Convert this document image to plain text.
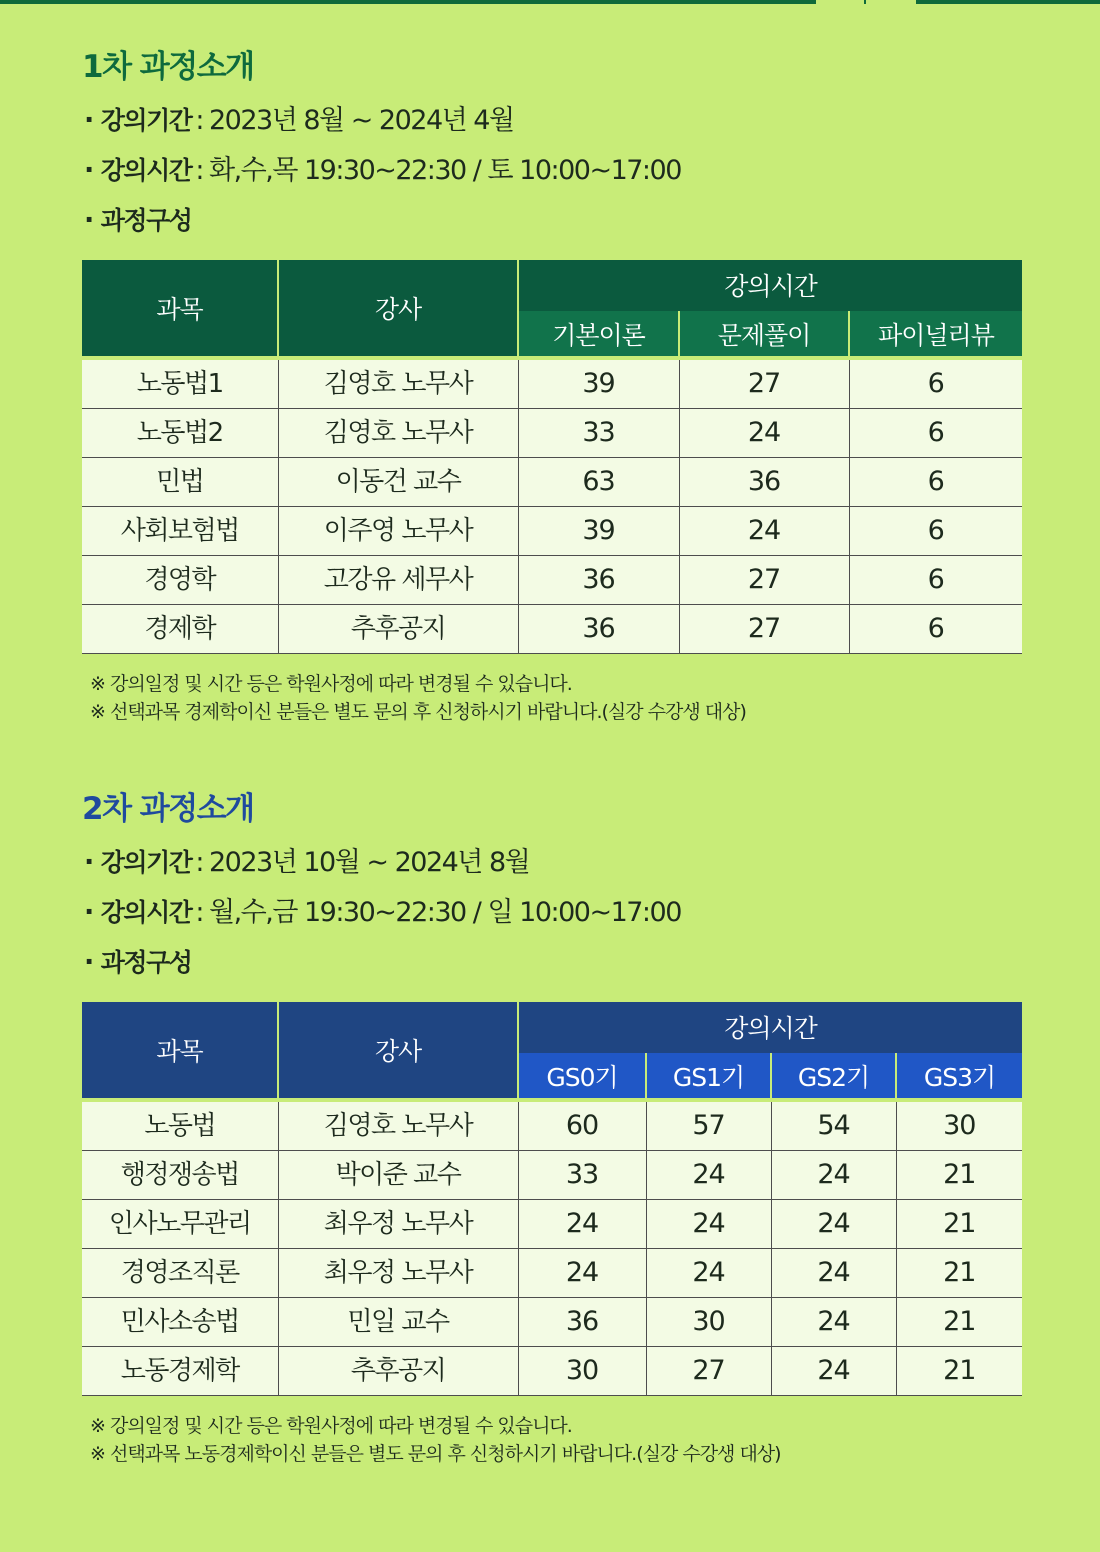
1차 과정소개
· 강의기간 : 2023년 8월 ~ 2024년 4월
· 강의시간 : 화,수,목 19:30~22:30 / 토 10:00~17:00
· 과정구성
과목	강사	강의시간		
		기본이론	문제풀이	파이널리뷰
노동법1	김영호 노무사	39	27	6
노동법2	김영호 노무사	33	24	6
민법	이동건 교수	63	36	6
사회보험법	이주영 노무사	39	24	6
경영학	고강유 세무사	36	27	6
경제학	추후공지	36	27	6
※ 강의일정 및 시간 등은 학원사정에 따라 변경될 수 있습니다.
※ 선택과목 경제학이신 분들은 별도 문의 후 신청하시기 바랍니다.(실강 수강생 대상)
2차 과정소개
· 강의기간 : 2023년 10월 ~ 2024년 8월
· 강의시간 : 월,수,금 19:30~22:30 / 일 10:00~17:00
· 과정구성
과목	강사	강의시간			
		GS0기	GS1기	GS2기	GS3기
노동법	김영호 노무사	60	57	54	30
행정쟁송법	박이준 교수	33	24	24	21
인사노무관리	최우정 노무사	24	24	24	21
경영조직론	최우정 노무사	24	24	24	21
민사소송법	민일 교수	36	30	24	21
노동경제학	추후공지	30	27	24	21
※ 강의일정 및 시간 등은 학원사정에 따라 변경될 수 있습니다.
※ 선택과목 노동경제학이신 분들은 별도 문의 후 신청하시기 바랍니다.(실강 수강생 대상)
